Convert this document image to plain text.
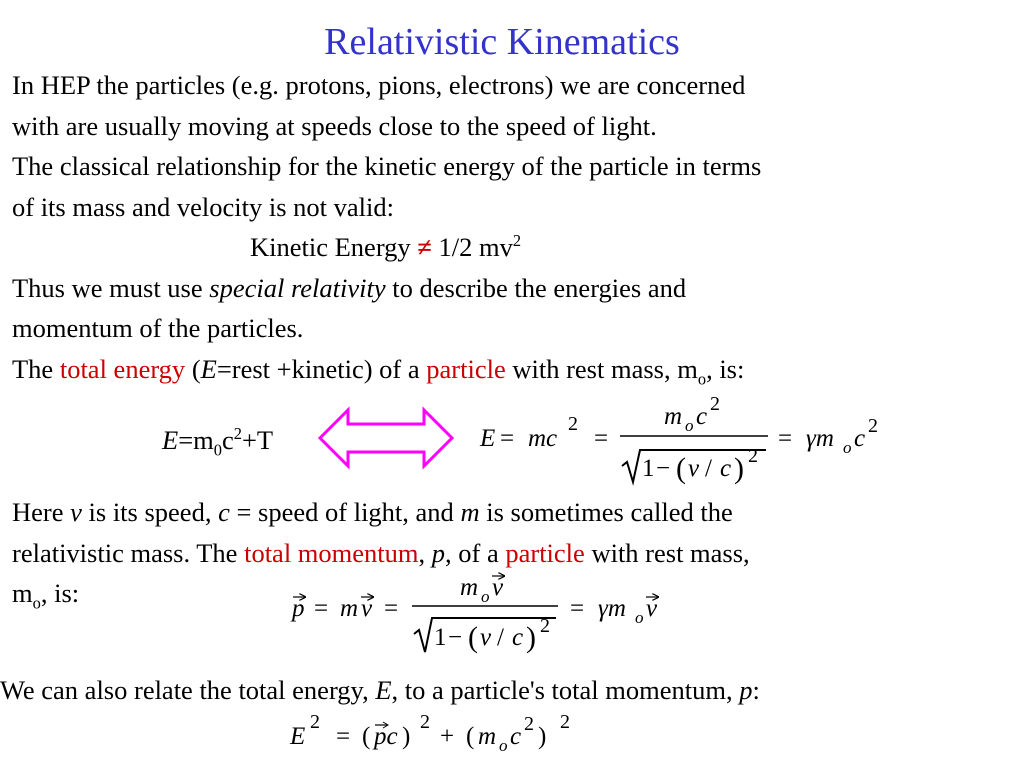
Relativistic Kinematics
In HEP the particles (e.g. protons, pions, electrons) we are concerned
with are usually moving at speeds close to the speed of light.
The classical relationship for the kinetic energy of the particle in terms
of its mass and velocity is not valid:
Kinetic Energy ≠ 1/2 $mv^2$
Thus we must use special relativity to describe the energies and
momentum of the particles.
The total energy (E=rest +kinetic) of a particle with rest mass, $m_o$, is:
$E=m_0c^2+T$	E = mc
2
=
m o c 2
1 − ( v / c ) 2
= γm o c 2
Here v is its speed, c = speed of light, and m is sometimes called the
relativistic mass. The total momentum, p, of a particle with rest mass,
$m_o$, is:
p = m v =
m o v
1 − ( v / c ) 2
= γm o v
We can also relate the total energy, E, to a particle's total momentum, p:
E
2
= ( pc )
2
+ ( m o c 2 )
2
